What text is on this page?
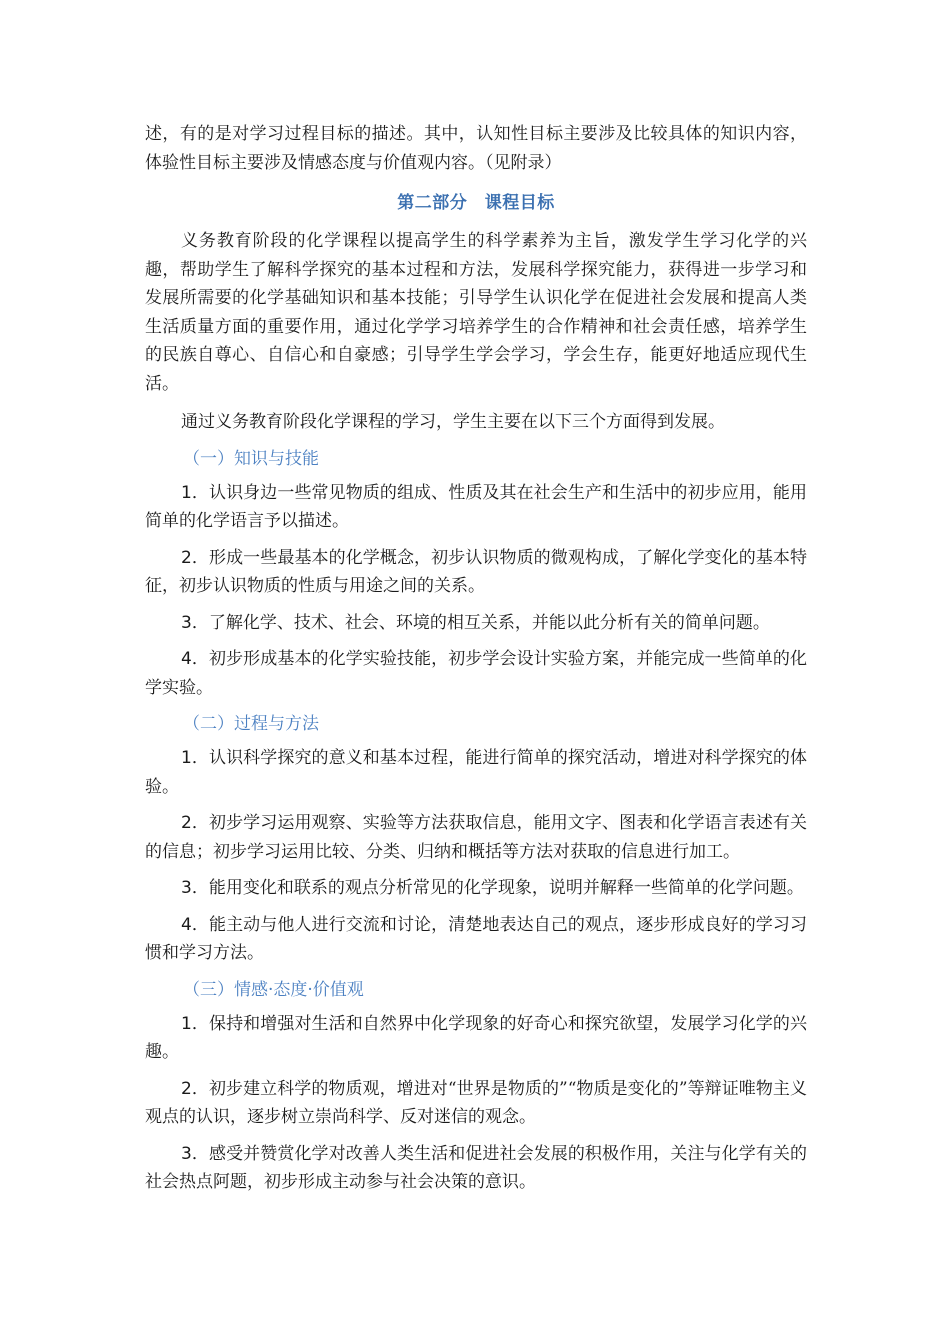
述，有的是对学习过程目标的描述。其中，认知性目标主要涉及比较具体的知识内容，体验性目标主要涉及情感态度与价值观内容。（见附录）

第二部分　课程目标

义务教育阶段的化学课程以提高学生的科学素养为主旨，激发学生学习化学的兴趣，帮助学生了解科学探究的基本过程和方法，发展科学探究能力，获得进一步学习和发展所需要的化学基础知识和基本技能；引导学生认识化学在促进社会发展和提高人类生活质量方面的重要作用，通过化学学习培养学生的合作精神和社会责任感，培养学生的民族自尊心、自信心和自豪感；引导学生学会学习，学会生存，能更好地适应现代生活。

通过义务教育阶段化学课程的学习，学生主要在以下三个方面得到发展。

（一）知识与技能

1．认识身边一些常见物质的组成、性质及其在社会生产和生活中的初步应用，能用简单的化学语言予以描述。

2．形成一些最基本的化学概念，初步认识物质的微观构成，了解化学变化的基本特征，初步认识物质的性质与用途之间的关系。

3．了解化学、技术、社会、环境的相互关系，并能以此分析有关的简单问题。

4．初步形成基本的化学实验技能，初步学会设计实验方案，并能完成一些简单的化学实验。

（二）过程与方法

1．认识科学探究的意义和基本过程，能进行简单的探究活动，增进对科学探究的体验。

2．初步学习运用观察、实验等方法获取信息，能用文字、图表和化学语言表述有关的信息；初步学习运用比较、分类、归纳和概括等方法对获取的信息进行加工。

3．能用变化和联系的观点分析常见的化学现象，说明并解释一些简单的化学问题。

4．能主动与他人进行交流和讨论，清楚地表达自己的观点，逐步形成良好的学习习惯和学习方法。

（三）情感·态度·价值观

1．保持和增强对生活和自然界中化学现象的好奇心和探究欲望，发展学习化学的兴趣。

2．初步建立科学的物质观，增进对“世界是物质的”“物质是变化的”等辩证唯物主义观点的认识，逐步树立崇尚科学、反对迷信的观念。

3．感受并赞赏化学对改善人类生活和促进社会发展的积极作用，关注与化学有关的社会热点阿题，初步形成主动参与社会决策的意识。
